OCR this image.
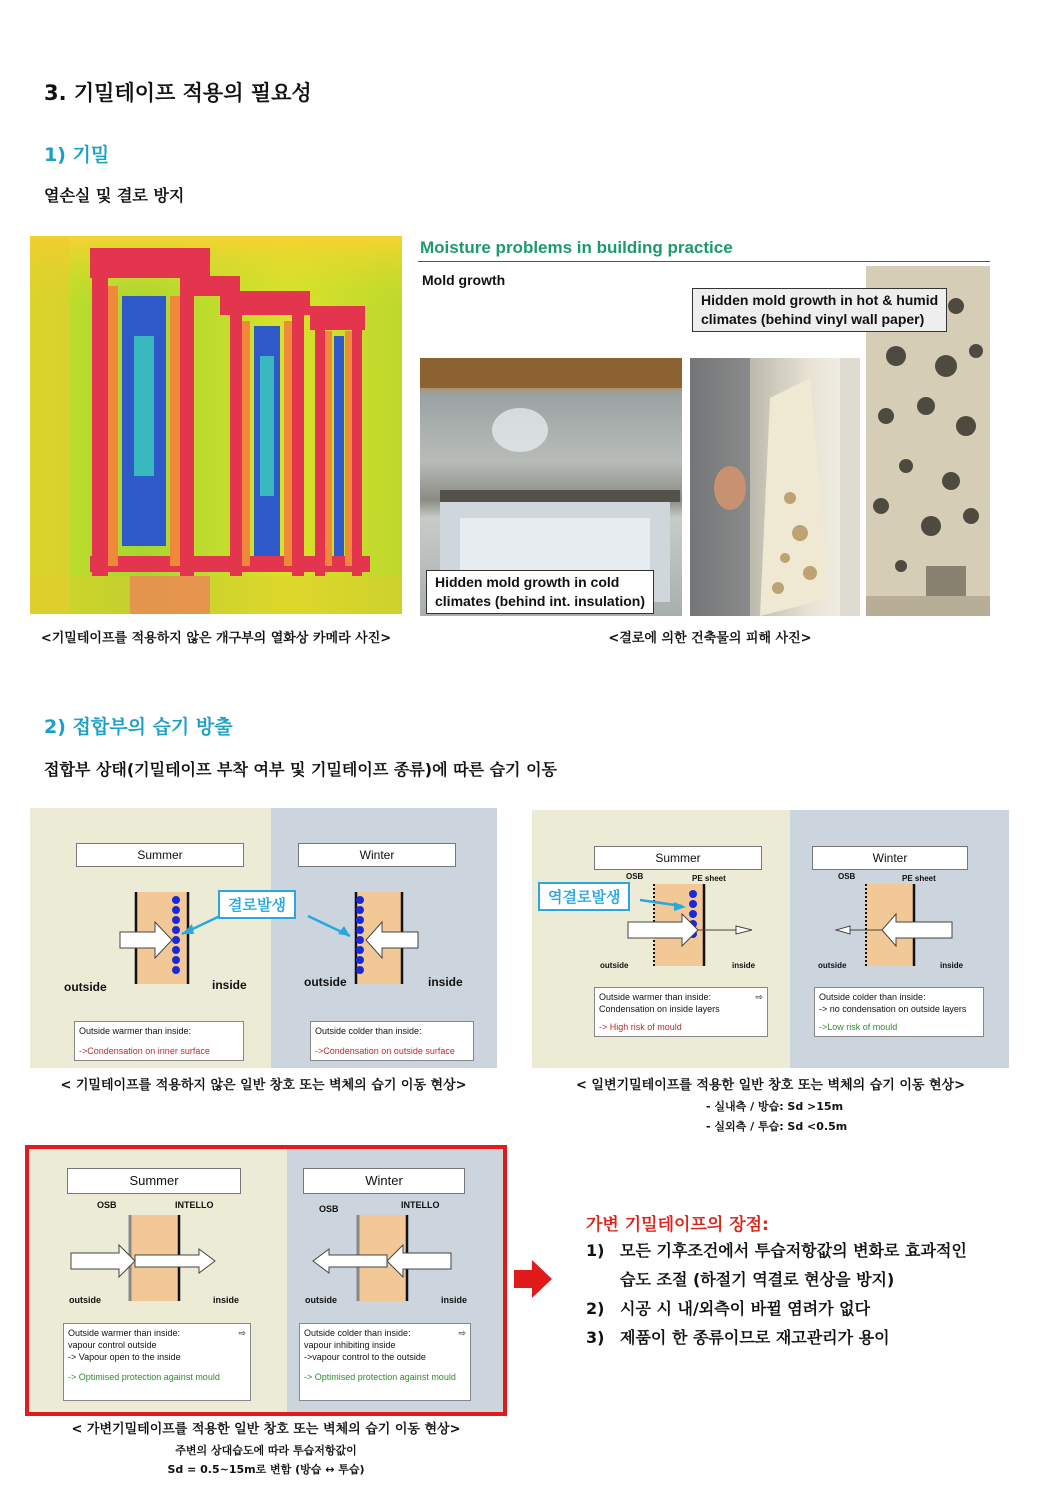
3. 기밀테이프 적용의 필요성
1) 기밀
열손실 및 결로 방지
Moisture problems in building practice
Mold growth
Hidden mold growth in cold
climates (behind int. insulation)
Hidden mold growth in hot & humid
climates (behind vinyl wall paper)
<기밀테이프를 적용하지 않은 개구부의 열화상 카메라 사진>	<결로에 의한 건축물의 피해 사진>
2) 접합부의 습기 방출
접합부 상태(기밀테이프 부착 여부 및 기밀테이프 종류)에 따른 습기 이동
Summer	Winter
결로발생
outside	inside	outside	inside
Outside warmer than inside:
->Condensation on inner surface
Outside colder than inside:
->Condensation on outside surface
< 기밀테이프를 적용하지 않은 일반 창호 또는 벽체의 습기 이동 현상>
Summer	Winter
OSB	PE sheet	OSB	PE sheet
역결로발생
outside	inside	outside	inside
Outside warmer than inside:	⇨
Condensation on inside layers
-> High risk of mould
Outside colder than inside:
-> no condensation on outside layers
->Low risk of mould
< 일변기밀테이프를 적용한 일반 창호 또는 벽체의 습기 이동 현상>
- 실내측 / 방습: Sd >15m
- 실외측 / 투습: Sd <0.5m
Summer	Winter
OSB	INTELLO	OSB	INTELLO
outside	inside	outside	inside
Outside warmer than inside:	⇨
vapour control outside
-> Vapour open to the inside
-> Optimised protection against mould
Outside colder than inside:	⇨
vapour inhibiting inside
->vapour control to the outside
-> Optimised protection against mould
< 가변기밀테이프를 적용한 일반 창호 또는 벽체의 습기 이동 현상>
주변의 상대습도에 따라 투습저항값이
Sd = 0.5~15m로 변함 (방습 ↔ 투습)
가변 기밀테이프의 장점:
1) 모든 기후조건에서 투습저항값의 변화로 효과적인
습도 조절 (하절기 역결로 현상을 방지)
2) 시공 시 내/외측이 바뀔 염려가 없다
3) 제품이 한 종류이므로 재고관리가 용이
